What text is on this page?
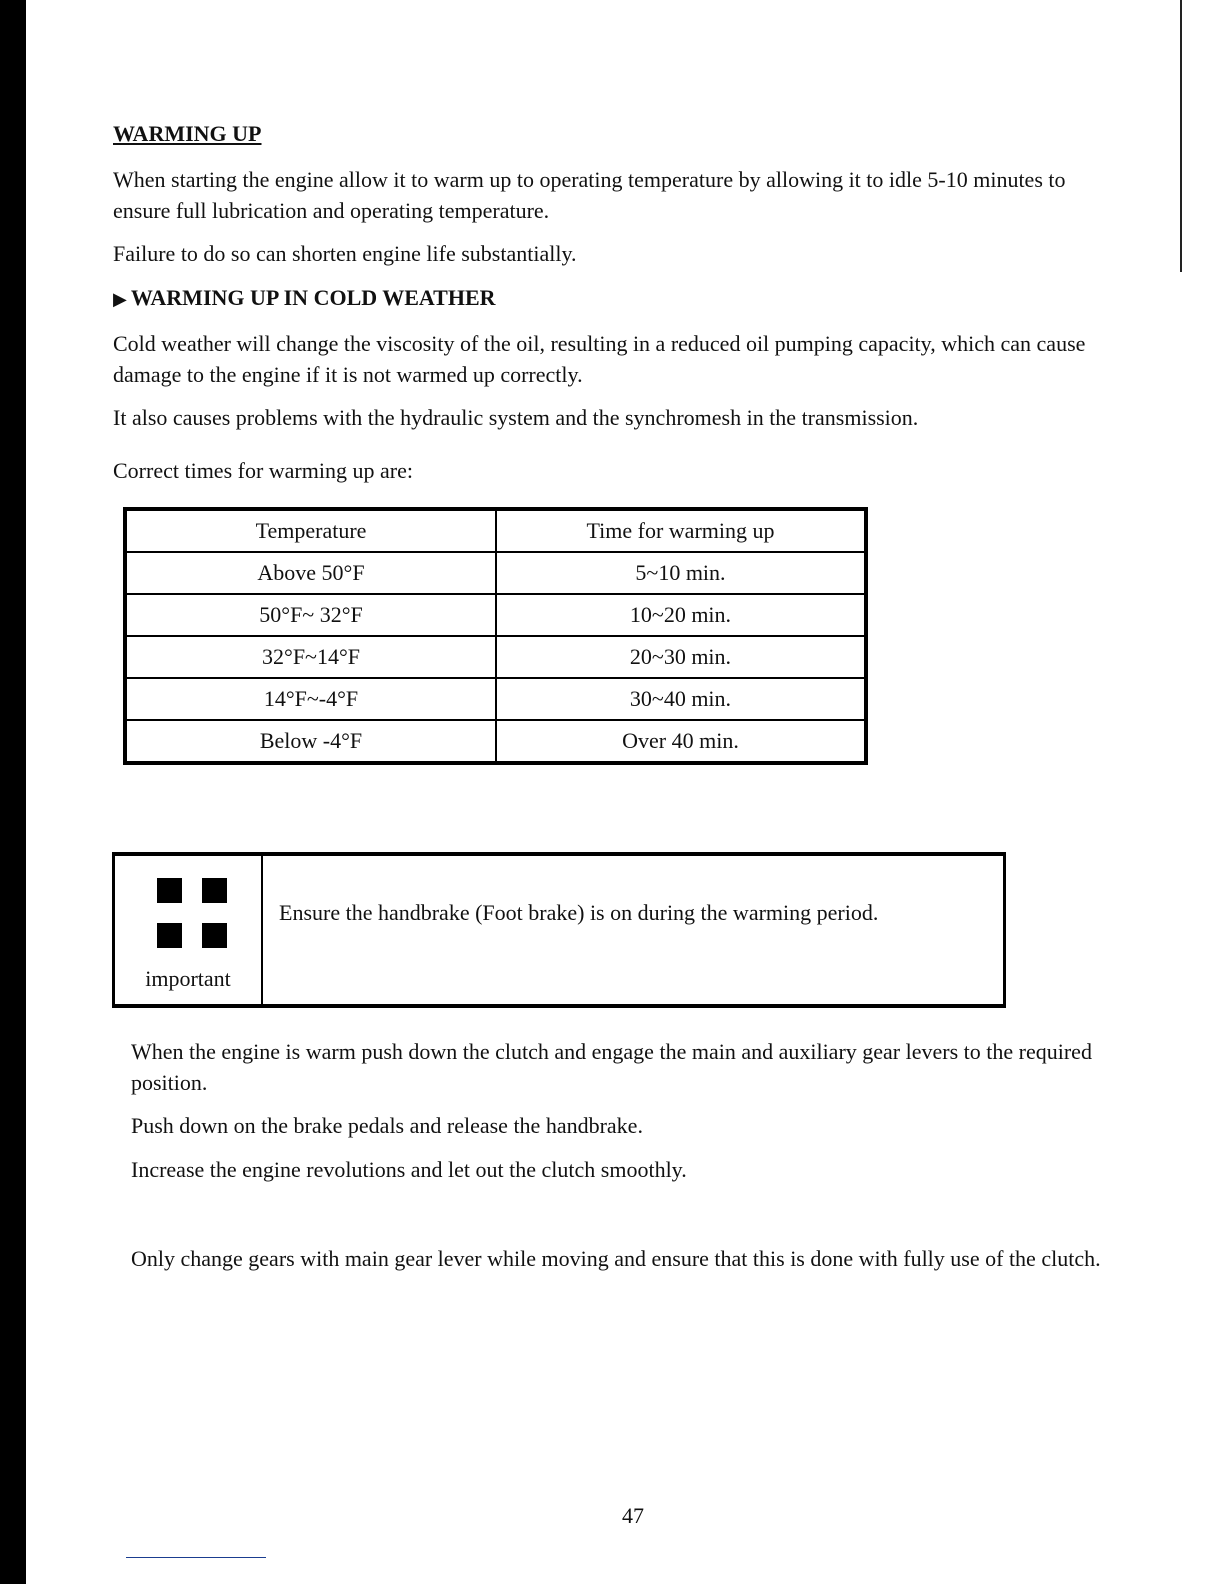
WARMING UP

When starting the engine allow it to warm up to operating temperature by allowing it to idle 5-10 minutes to ensure full lubrication and operating temperature.

Failure to do so can shorten engine life substantially.

▶ WARMING UP IN COLD WEATHER

Cold weather will change the viscosity of the oil, resulting in a reduced oil pumping capacity, which can cause damage to the engine if it is not warmed up correctly.

It also causes problems with the hydraulic system and the synchromesh in the transmission.

Correct times for warming up are:

Temperature	Time for warming up
Above 50°F	5~10 min.
50°F~ 32°F	10~20 min.
32°F~14°F	20~30 min.
14°F~-4°F	30~40 min.
Below -4°F	Over 40 min.
important
Ensure the handbrake (Foot brake) is on during the warming period.

When the engine is warm push down the clutch and engage the main and auxiliary gear levers to the required position.

Push down on the brake pedals and release the handbrake.

Increase the engine revolutions and let out the clutch smoothly.

Only change gears with main gear lever while moving and ensure that this is done with fully use of the clutch.

47
